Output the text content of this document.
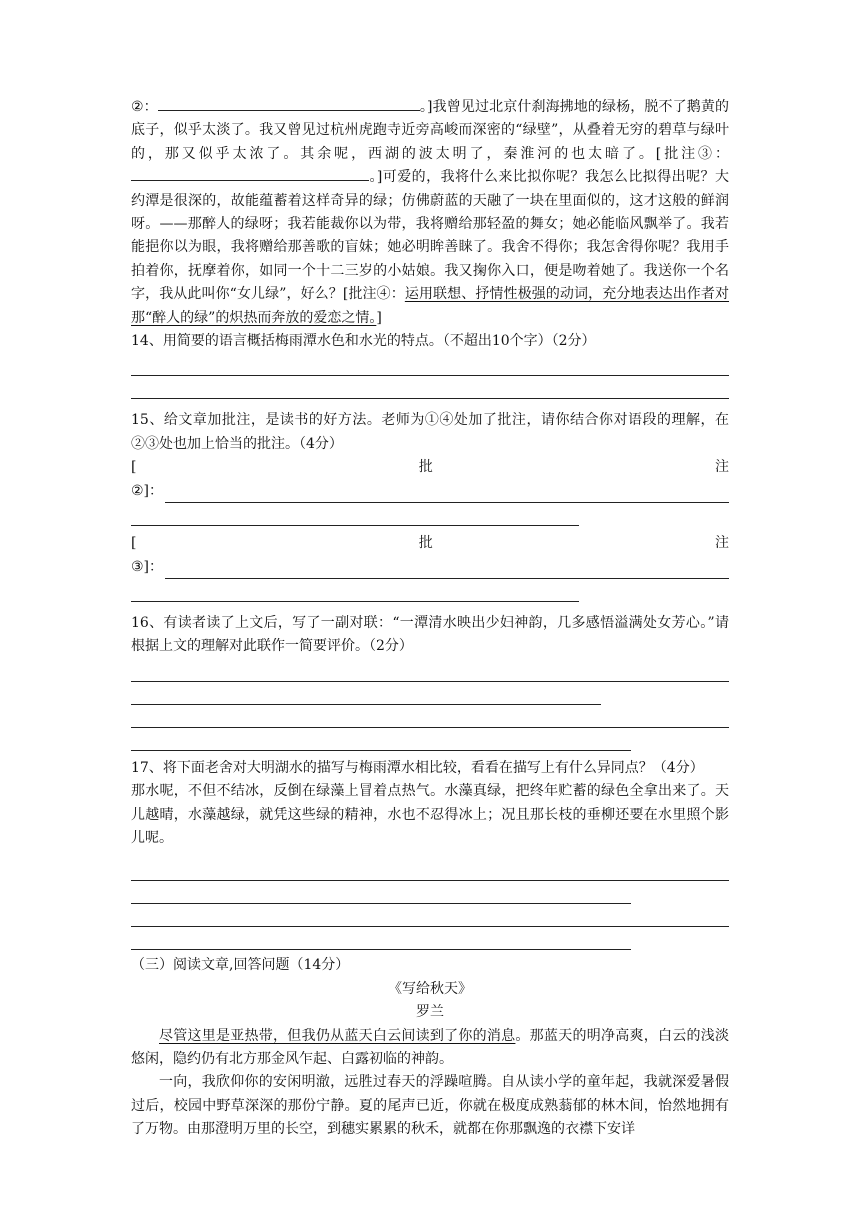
②：	。]我曾见过北京什刹海拂地的绿杨，脱不了鹅黄的底子，似乎太淡了。我又曾见过杭州虎跑寺近旁高峻而深密的“绿壁”，从叠着无穷的碧草与绿叶的，那又似乎太浓了。其余呢，西湖的波太明了，秦淮河的也太暗了。[批注③：。]可爱的，我将什么来比拟你呢？我怎么比拟得出呢？大约潭是很深的，故能蕴蓄着这样奇异的绿；仿佛蔚蓝的天融了一块在里面似的，这才这般的鲜润呀。——那醉人的绿呀；我若能裁你以为带，我将赠给那轻盈的舞女；她必能临风飘举了。我若能挹你以为眼，我将赠给那善歌的盲妹；她必明眸善睐了。我舍不得你；我怎舍得你呢？我用手拍着你，抚摩着你，如同一个十二三岁的小姑娘。我又掬你入口，便是吻着她了。我送你一个名字，我从此叫你“女儿绿”，好么？[批注④：运用联想、抒情性极强的动词，充分地表达出作者对那“醉人的绿”的炽热而奔放的爱恋之情。]

14、用简要的语言概括梅雨潭水色和水光的特点。（不超出10个字）（2分）

15、给文章加批注，是读书的好方法。老师为①④处加了批注，请你结合你对语段的理解，在②③处也加上恰当的批注。（4分）

[	批	注
②]：
[	批	注
③]：

16、有读者读了上文后，写了一副对联：“一潭清水映出少妇神韵，几多感悟溢满处女芳心。”请根据上文的理解对此联作一简要评价。（2分）

17、将下面老舍对大明湖水的描写与梅雨潭水相比较，看看在描写上有什么异同点？（4分）

那水呢，不但不结冰，反倒在绿藻上冒着点热气。水藻真绿，把终年贮蓄的绿色全拿出来了。天儿越晴，水藻越绿，就凭这些绿的精神，水也不忍得冰上；况且那长枝的垂柳还要在水里照个影儿呢。

（三）阅读文章,回答问题（14分）

《写给秋天》

罗兰

尽管这里是亚热带，但我仍从蓝天白云间读到了你的消息。那蓝天的明净高爽，白云的浅淡悠闲，隐约仍有北方那金风乍起、白露初临的神韵。

一向，我欣仰你的安闲明澈，远胜过春天的浮躁喧腾。自从读小学的童年起，我就深爱暑假过后，校园中野草深深的那份宁静。夏的尾声已近，你就在极度成熟蓊郁的林木间，怡然地拥有了万物。由那澄明万里的长空，到穗实累累的秋禾，就都在你那飘逸的衣襟下安详
